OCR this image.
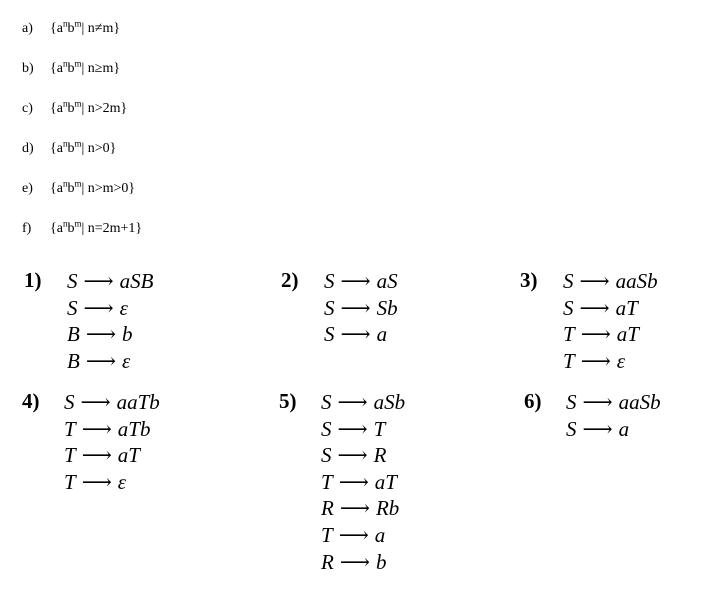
a) {$a^nb^m|$ n≠m}
b) {$a^nb^m|$ n≥m}
c) {$a^nb^m|$ n>2m}
d) {$a^nb^m|$ n>0}
e) {$a^nb^m|$ n>m>0}
f) {$a^nb^m|$ n=2m+1}
1) S ⟶ aSB
S ⟶ ε
B ⟶ b
B ⟶ ε
2) S ⟶ aS
S ⟶ Sb
S ⟶ a
3) S ⟶ aaSb
S ⟶ aT
T ⟶ aT
T ⟶ ε
4) S ⟶ aaTb
T ⟶ aTb
T ⟶ aT
T ⟶ ε
5) S ⟶ aSb
S ⟶ T
S ⟶ R
T ⟶ aT
R ⟶ Rb
T ⟶ a
R ⟶ b
6) S ⟶ aaSb
S ⟶ a
